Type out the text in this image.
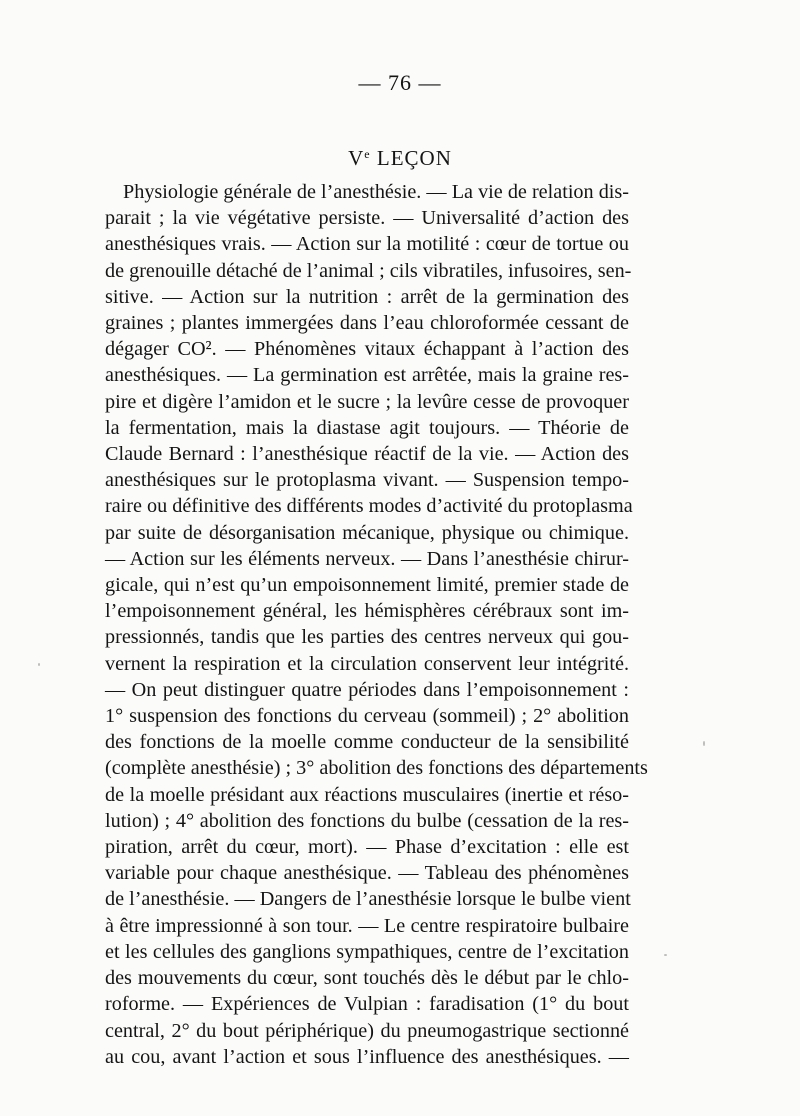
— 76 —
Ve LEÇON
Physiologie générale de l’anesthésie. — La vie de relation dis-
parait ; la vie végétative persiste. — Universalité d’action des
anesthésiques vrais. — Action sur la motilité : cœur de tortue ou
de grenouille détaché de l’animal ; cils vibratiles, infusoires, sen-
sitive. — Action sur la nutrition : arrêt de la germination des
graines ; plantes immergées dans l’eau chloroformée cessant de
dégager CO². — Phénomènes vitaux échappant à l’action des
anesthésiques. — La germination est arrêtée, mais la graine res-
pire et digère l’amidon et le sucre ; la levûre cesse de provoquer
la fermentation, mais la diastase agit toujours. — Théorie de
Claude Bernard : l’anesthésique réactif de la vie. — Action des
anesthésiques sur le protoplasma vivant. — Suspension tempo-
raire ou définitive des différents modes d’activité du protoplasma
par suite de désorganisation mécanique, physique ou chimique.
— Action sur les éléments nerveux. — Dans l’anesthésie chirur-
gicale, qui n’est qu’un empoisonnement limité, premier stade de
l’empoisonnement général, les hémisphères cérébraux sont im-
pressionnés, tandis que les parties des centres nerveux qui gou-
vernent la respiration et la circulation conservent leur intégrité.
— On peut distinguer quatre périodes dans l’empoisonnement :
1° suspension des fonctions du cerveau (sommeil) ; 2° abolition
des fonctions de la moelle comme conducteur de la sensibilité
(complète anesthésie) ; 3° abolition des fonctions des départements
de la moelle présidant aux réactions musculaires (inertie et réso-
lution) ; 4° abolition des fonctions du bulbe (cessation de la res-
piration, arrêt du cœur, mort). — Phase d’excitation : elle est
variable pour chaque anesthésique. — Tableau des phénomènes
de l’anesthésie. — Dangers de l’anesthésie lorsque le bulbe vient
à être impressionné à son tour. — Le centre respiratoire bulbaire
et les cellules des ganglions sympathiques, centre de l’excitation
des mouvements du cœur, sont touchés dès le début par le chlo-
roforme. — Expériences de Vulpian : faradisation (1° du bout
central, 2° du bout périphérique) du pneumogastrique sectionné
au cou, avant l’action et sous l’influence des anesthésiques. —
